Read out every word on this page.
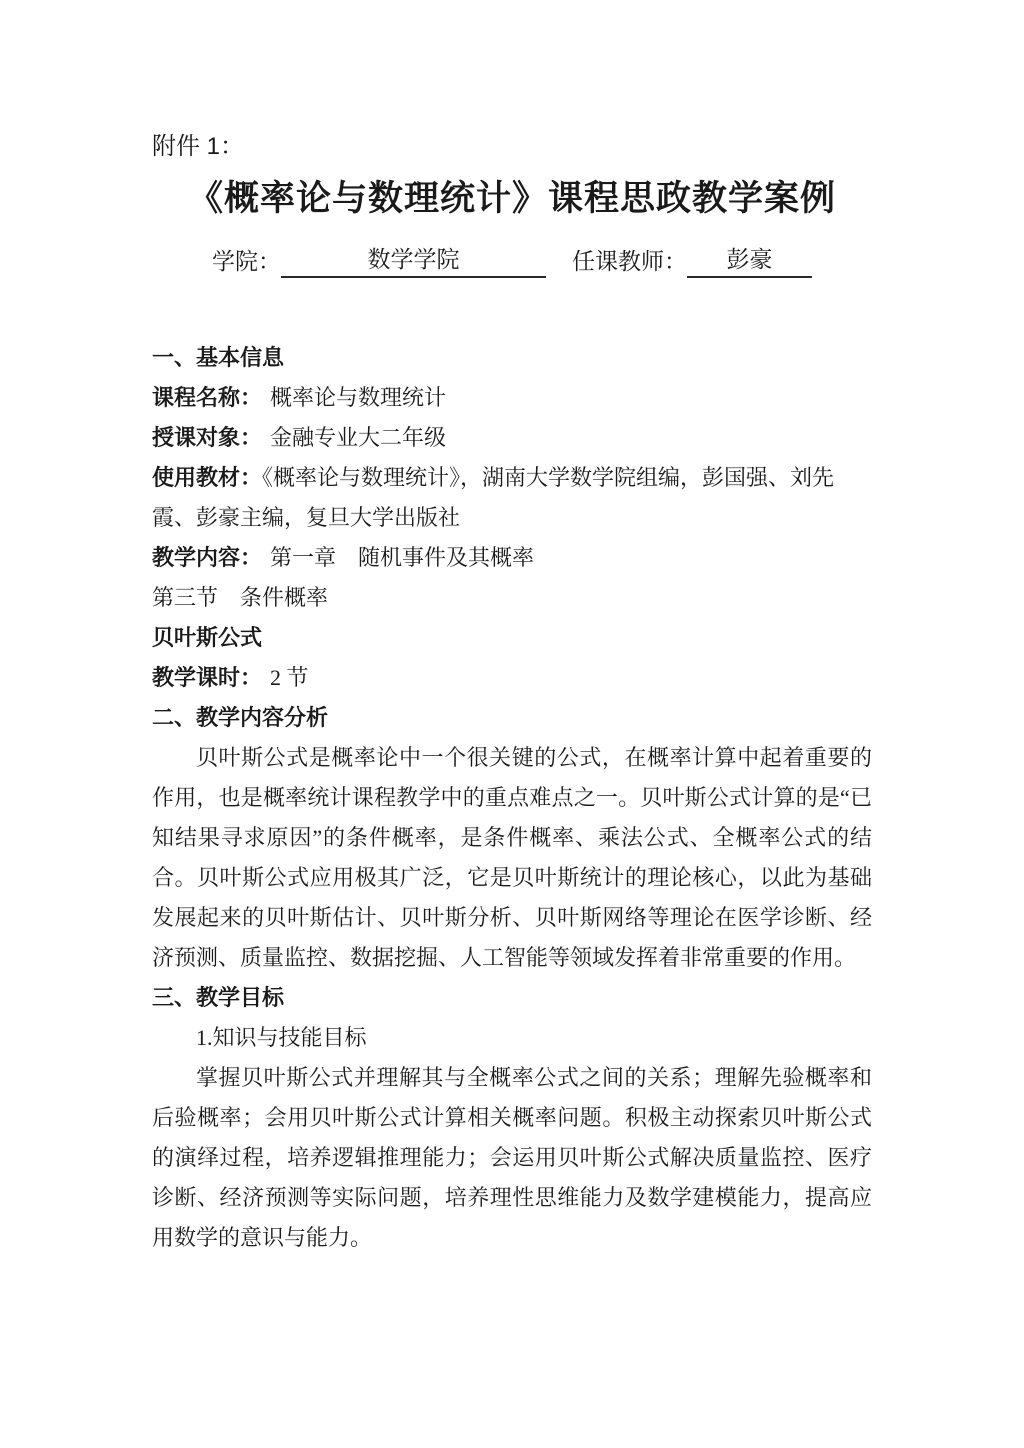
附件 1：

《概率论与数理统计》课程思政教学案例
学院：	数学学院	任课教师：	彭豪
一、基本信息

课程名称： 概率论与数理统计

授课对象： 金融专业大二年级

使用教材：《概率论与数理统计》，湖南大学数学院组编，彭国强、刘先霞、彭豪主编，复旦大学出版社

教学内容： 第一章　随机事件及其概率

第三节　条件概率

贝叶斯公式

教学课时： 2 节

二、教学内容分析

贝叶斯公式是概率论中一个很关键的公式，在概率计算中起着重要的作用，也是概率统计课程教学中的重点难点之一。贝叶斯公式计算的是“已知结果寻求原因”的条件概率，是条件概率、乘法公式、全概率公式的结合。贝叶斯公式应用极其广泛，它是贝叶斯统计的理论核心，以此为基础发展起来的贝叶斯估计、贝叶斯分析、贝叶斯网络等理论在医学诊断、经济预测、质量监控、数据挖掘、人工智能等领域发挥着非常重要的作用。

三、教学目标

1.知识与技能目标

掌握贝叶斯公式并理解其与全概率公式之间的关系；理解先验概率和后验概率；会用贝叶斯公式计算相关概率问题。积极主动探索贝叶斯公式的演绎过程，培养逻辑推理能力；会运用贝叶斯公式解决质量监控、医疗诊断、经济预测等实际问题，培养理性思维能力及数学建模能力，提高应用数学的意识与能力。
